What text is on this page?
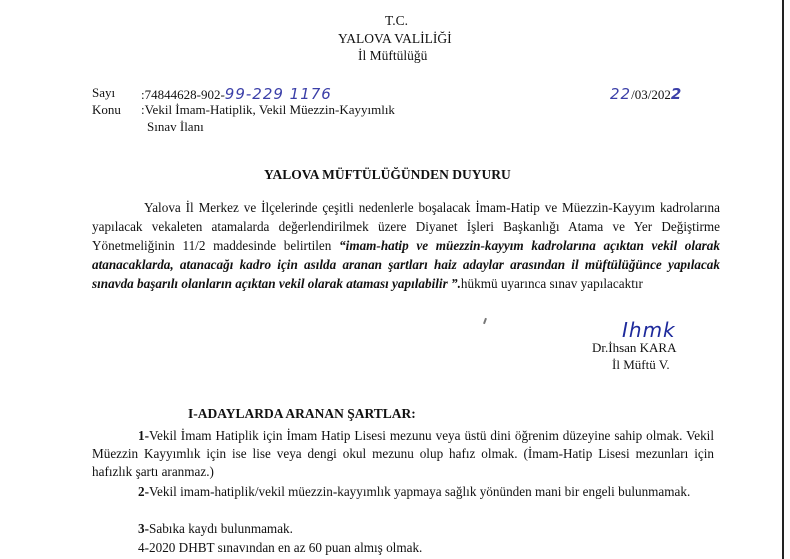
T.C.
YALOVA VALİLİĞİ
İl Müftülüğü
Sayı :74844628-902-99-229 1176	22/03/2022
Konu :Vekil İmam-Hatiplik, Vekil Müezzin-Kayyımlık
Sınav İlanı
YALOVA MÜFTÜLÜĞÜNDEN DUYURU
Yalova İl Merkez ve İlçelerinde çeşitli nedenlerle boşalacak İmam-Hatip ve Müezzin-Kayyım kadrolarına yapılacak vekaleten atamalarda değerlendirilmek üzere Diyanet İşleri Başkanlığı Atama ve Yer Değiştirme Yönetmeliğinin 11/2 maddesinde belirtilen “imam-hatip ve müezzin-kayyım kadrolarına açıktan vekil olarak atanacaklarda, atanacağı kadro için asılda aranan şartları haiz adaylar arasından il müftülüğünce yapılacak sınavda başarılı olanların açıktan vekil olarak ataması yapılabilir ”.hükmü uyarınca sınav yapılacaktır
Ihmk
Dr.İhsan KARA
İl Müftü V.
I-ADAYLARDA ARANAN ŞARTLAR:
1-Vekil İmam Hatiplik için İmam Hatip Lisesi mezunu veya üstü dini öğrenim düzeyine sahip olmak. Vekil Müezzin Kayyımlık için ise lise veya dengi okul mezunu olup hafız olmak. (İmam-Hatip Lisesi mezunları için hafızlık şartı aranmaz.)
2-Vekil imam-hatiplik/vekil müezzin-kayyımlık yapmaya sağlık yönünden mani bir engeli bulunmamak.
3-Sabıka kaydı bulunmamak.
4-2020 DHBT sınavından en az 60 puan almış olmak.
